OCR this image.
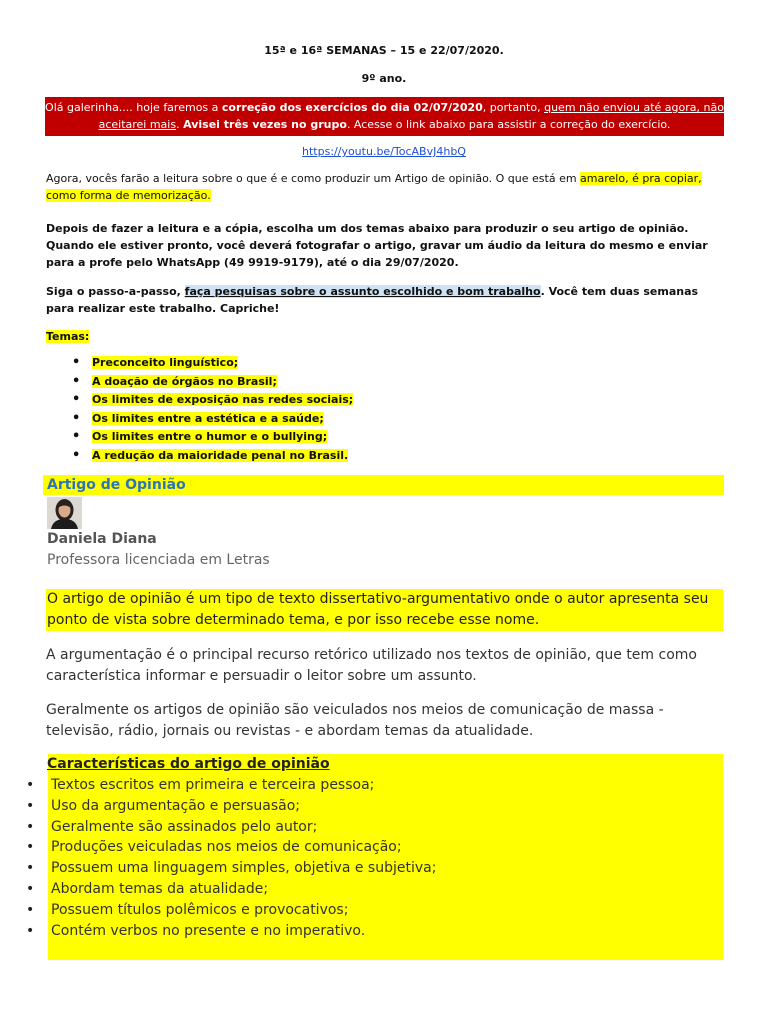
15ª e 16ª SEMANAS – 15 e 22/07/2020.
9º ano.
Olá galerinha.... hoje faremos a correção dos exercícios do dia 02/07/2020, portanto, quem não enviou até agora, não aceitarei mais. Avisei três vezes no grupo. Acesse o link abaixo para assistir a correção do exercício.
https://youtu.be/TocABvJ4hbQ
Agora, vocês farão a leitura sobre o que é e como produzir um Artigo de opinião. O que está em amarelo, é pra copiar, como forma de memorização.
Depois de fazer a leitura e a cópia, escolha um dos temas abaixo para produzir o seu artigo de opinião. Quando ele estiver pronto, você deverá fotografar o artigo, gravar um áudio da leitura do mesmo e enviar para a profe pelo WhatsApp (49 9919-9179), até o dia 29/07/2020.
Siga o passo-a-passo, faça pesquisas sobre o assunto escolhido e bom trabalho. Você tem duas semanas para realizar este trabalho. Capriche!
Temas:
• Preconceito linguístico;
• A doação de órgãos no Brasil;
• Os limites de exposição nas redes sociais;
• Os limites entre a estética e a saúde;
• Os limites entre o humor e o bullying;
• A redução da maioridade penal no Brasil.
Artigo de Opinião
Daniela Diana
Professora licenciada em Letras
O artigo de opinião é um tipo de texto dissertativo-argumentativo onde o autor apresenta seu ponto de vista sobre determinado tema, e por isso recebe esse nome.
A argumentação é o principal recurso retórico utilizado nos textos de opinião, que tem como característica informar e persuadir o leitor sobre um assunto.
Geralmente os artigos de opinião são veiculados nos meios de comunicação de massa - televisão, rádio, jornais ou revistas - e abordam temas da atualidade.
Características do artigo de opinião
• Textos escritos em primeira e terceira pessoa;
• Uso da argumentação e persuasão;
• Geralmente são assinados pelo autor;
• Produções veiculadas nos meios de comunicação;
• Possuem uma linguagem simples, objetiva e subjetiva;
• Abordam temas da atualidade;
• Possuem títulos polêmicos e provocativos;
• Contém verbos no presente e no imperativo.
